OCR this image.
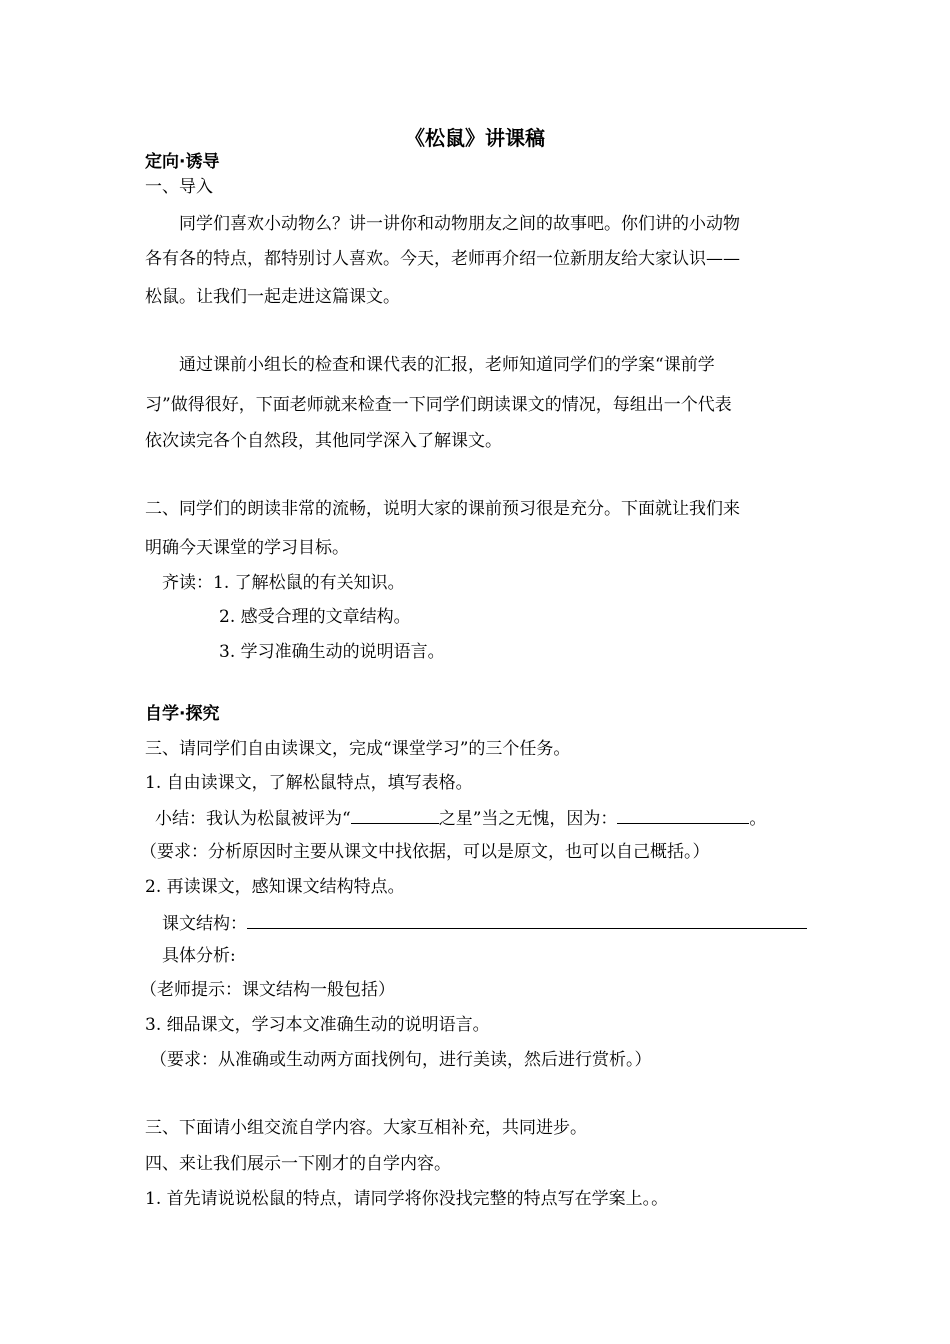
《松鼠》讲课稿
定向·诱导
一、导入
同学们喜欢小动物么？讲一讲你和动物朋友之间的故事吧。你们讲的小动物
各有各的特点，都特别讨人喜欢。今天，老师再介绍一位新朋友给大家认识——
松鼠。让我们一起走进这篇课文。
通过课前小组长的检查和课代表的汇报，老师知道同学们的学案“课前学
习”做得很好，下面老师就来检查一下同学们朗读课文的情况，每组出一个代表
依次读完各个自然段，其他同学深入了解课文。
二、同学们的朗读非常的流畅，说明大家的课前预习很是充分。下面就让我们来
明确今天课堂的学习目标。
齐读：1. 了解松鼠的有关知识。
2. 感受合理的文章结构。
3. 学习准确生动的说明语言。
自学·探究
三、请同学们自由读课文，完成“课堂学习”的三个任务。
1. 自由读课文，了解松鼠特点，填写表格。
小结：我认为松鼠被评为“	之星”当之无愧，因为：	。
（要求：分析原因时主要从课文中找依据，可以是原文，也可以自己概括。）
2. 再读课文，感知课文结构特点。
课文结构：
具体分析:
（老师提示：课文结构一般包括）
3. 细品课文，学习本文准确生动的说明语言。
（要求：从准确或生动两方面找例句，进行美读，然后进行赏析。）
三、下面请小组交流自学内容。大家互相补充，共同进步。
四、来让我们展示一下刚才的自学内容。
1. 首先请说说松鼠的特点，请同学将你没找完整的特点写在学案上。。
